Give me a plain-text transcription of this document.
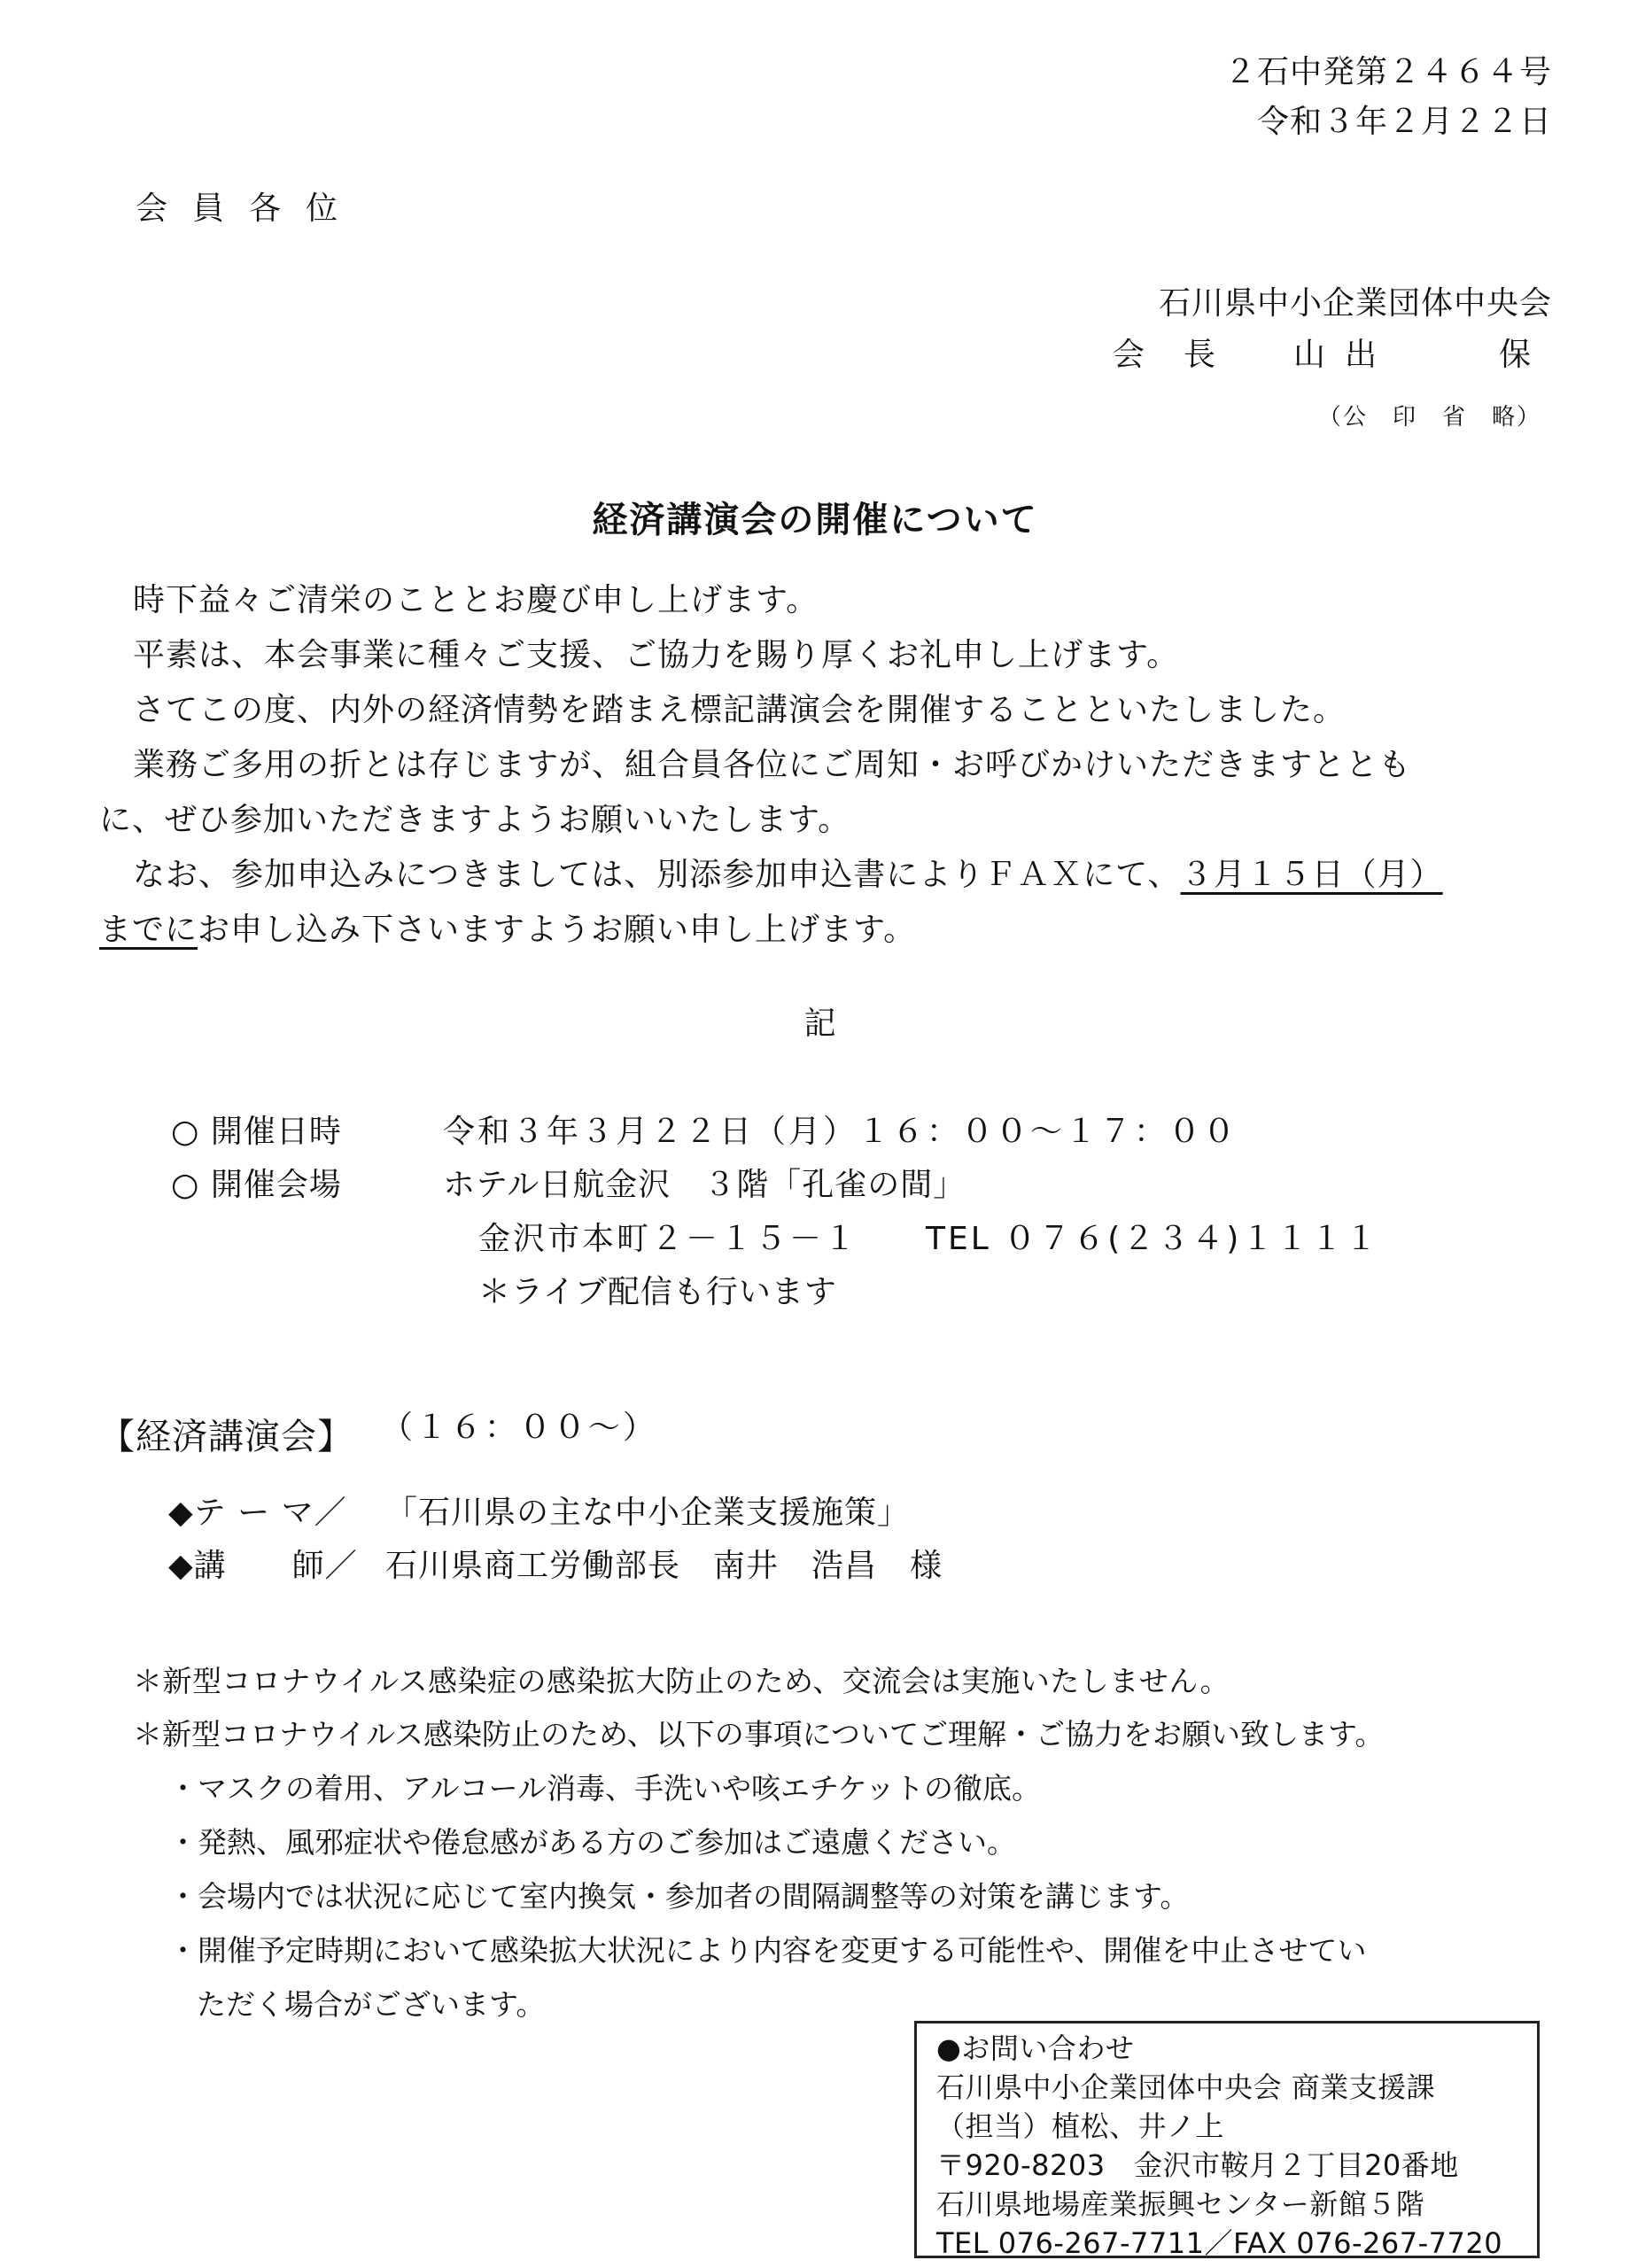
２石中発第２４６４号
令和３年２月２２日
会員各位
石川県中小企業団体中央会
会　長 山出　　保
（公　印　省　略）
経済講演会の開催について
時下益々ご清栄のこととお慶び申し上げます。
平素は、本会事業に種々ご支援、ご協力を賜り厚くお礼申し上げます。
さてこの度、内外の経済情勢を踏まえ標記講演会を開催することといたしました。
業務ご多用の折とは存じますが、組合員各位にご周知・お呼びかけいただきますととも
に、ぜひ参加いただきますようお願いいたします。
なお、参加申込みにつきましては、別添参加申込書によりＦＡＸにて、３月１５日（月）
までにお申し込み下さいますようお願い申し上げます。
記
○ 開催日時	令和３年３月２２日（月）１６：００～１７：００
○ 開催会場	ホテル日航金沢　３階「孔雀の間」
金沢市本町２－１５－１ TEL ０７６(２３４)１１１１
＊ライブ配信も行います
【経済講演会】 （１６：００～）
◆テ ー マ／ 「石川県の主な中小企業支援施策」
◆講　　師／ 石川県商工労働部長　南井　浩昌　様
＊新型コロナウイルス感染症の感染拡大防止のため、交流会は実施いたしません。
＊新型コロナウイルス感染防止のため、以下の事項についてご理解・ご協力をお願い致します。
・マスクの着用、アルコール消毒、手洗いや咳エチケットの徹底。
・発熱、風邪症状や倦怠感がある方のご参加はご遠慮ください。
・会場内では状況に応じて室内換気・参加者の間隔調整等の対策を講じます。
・開催予定時期において感染拡大状況により内容を変更する可能性や、開催を中止させてい
ただく場合がございます。
●お問い合わせ
石川県中小企業団体中央会 商業支援課
（担当）植松、井ノ上
〒920-8203　金沢市鞍月２丁目20番地
石川県地場産業振興センター新館５階
TEL 076-267-7711／FAX 076-267-7720
